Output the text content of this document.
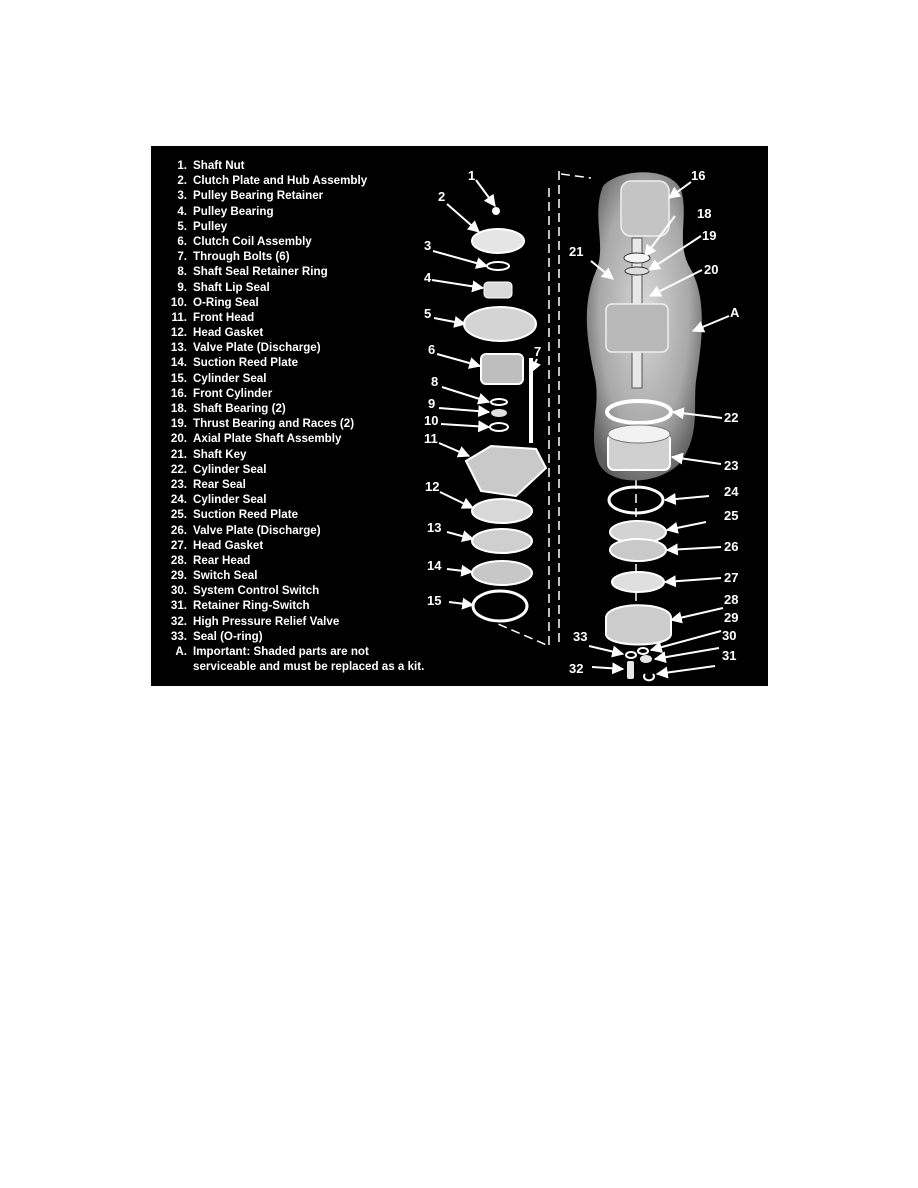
1. Shaft Nut
2. Clutch Plate and Hub Assembly
3. Pulley Bearing Retainer
4. Pulley Bearing
5. Pulley
6. Clutch Coil Assembly
7. Through Bolts (6)
8. Shaft Seal Retainer Ring
9. Shaft Lip Seal
10. O-Ring Seal
11. Front Head
12. Head Gasket
13. Valve Plate (Discharge)
14. Suction Reed Plate
15. Cylinder Seal
16. Front Cylinder
18. Shaft Bearing (2)
19. Thrust Bearing and Races (2)
20. Axial Plate Shaft Assembly
21. Shaft Key
22. Cylinder Seal
23. Rear Seal
24. Cylinder Seal
25. Suction Reed Plate
26. Valve Plate (Discharge)
27. Head Gasket
28. Rear Head
29. Switch Seal
30. System Control Switch
31. Retainer Ring-Switch
32. High Pressure Relief Valve
33. Seal (O-ring)
A. Important: Shaded parts are not
serviceable and must be replaced as a kit.
1
2
3
4
5
6	7
8
9
10
11
12
13
14
15
16
18
19
20
21
A
22
23
24
25
26
27
28
29
30
31
33
32
